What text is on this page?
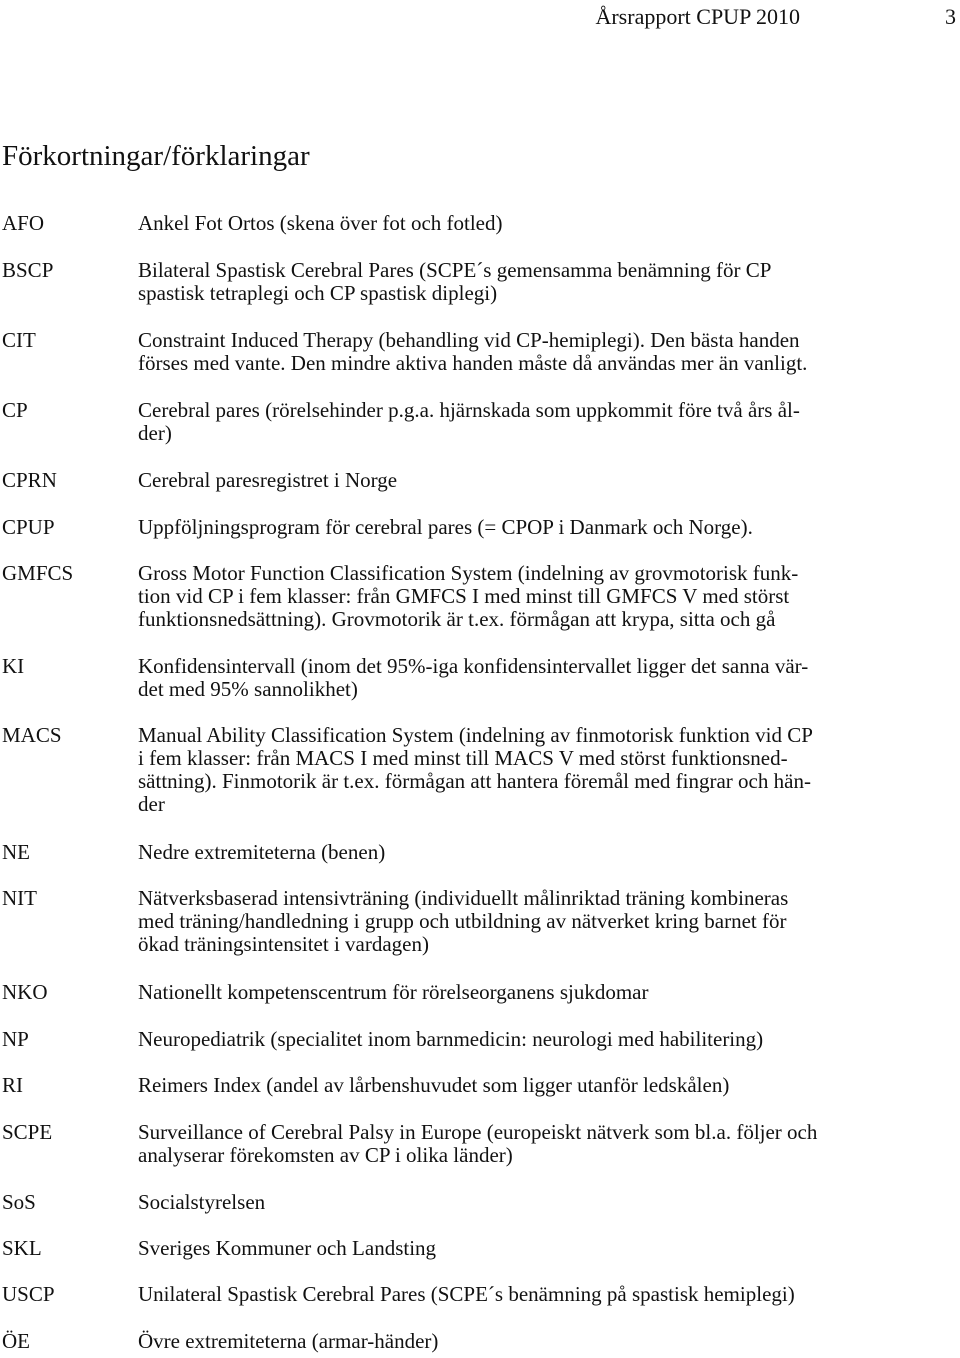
Årsrapport CPUP 2010	3
Förkortningar/förklaringar
AFO	Ankel Fot Ortos (skena över fot och fotled)
BSCP	Bilateral Spastisk Cerebral Pares (SCPE´s gemensamma benämning för CP
spastisk tetraplegi och CP spastisk diplegi)
CIT	Constraint Induced Therapy (behandling vid CP-hemiplegi). Den bästa handen
förses med vante. Den mindre aktiva handen måste då användas mer än vanligt.
CP	Cerebral pares (rörelsehinder p.g.a. hjärnskada som uppkommit före två års ål-
der)
CPRN	Cerebral paresregistret i Norge
CPUP	Uppföljningsprogram för cerebral pares (= CPOP i Danmark och Norge).
GMFCS	Gross Motor Function Classification System (indelning av grovmotorisk funk-
tion vid CP i fem klasser: från GMFCS I med minst till GMFCS V med störst
funktionsnedsättning). Grovmotorik är t.ex. förmågan att krypa, sitta och gå
KI	Konfidensintervall (inom det 95%-iga konfidensintervallet ligger det sanna vär-
det med 95% sannolikhet)
MACS	Manual Ability Classification System (indelning av finmotorisk funktion vid CP
i fem klasser: från MACS I med minst till MACS V med störst funktionsned-
sättning). Finmotorik är t.ex. förmågan att hantera föremål med fingrar och hän-
der
NE	Nedre extremiteterna (benen)
NIT	Nätverksbaserad intensivträning (individuellt målinriktad träning kombineras
med träning/handledning i grupp och utbildning av nätverket kring barnet för
ökad träningsintensitet i vardagen)
NKO	Nationellt kompetenscentrum för rörelseorganens sjukdomar
NP	Neuropediatrik (specialitet inom barnmedicin: neurologi med habilitering)
RI	Reimers Index (andel av lårbenshuvudet som ligger utanför ledskålen)
SCPE	Surveillance of Cerebral Palsy in Europe (europeiskt nätverk som bl.a. följer och
analyserar förekomsten av CP i olika länder)
SoS	Socialstyrelsen
SKL	Sveriges Kommuner och Landsting
USCP	Unilateral Spastisk Cerebral Pares (SCPE´s benämning på spastisk hemiplegi)
ÖE	Övre extremiteterna (armar-händer)
